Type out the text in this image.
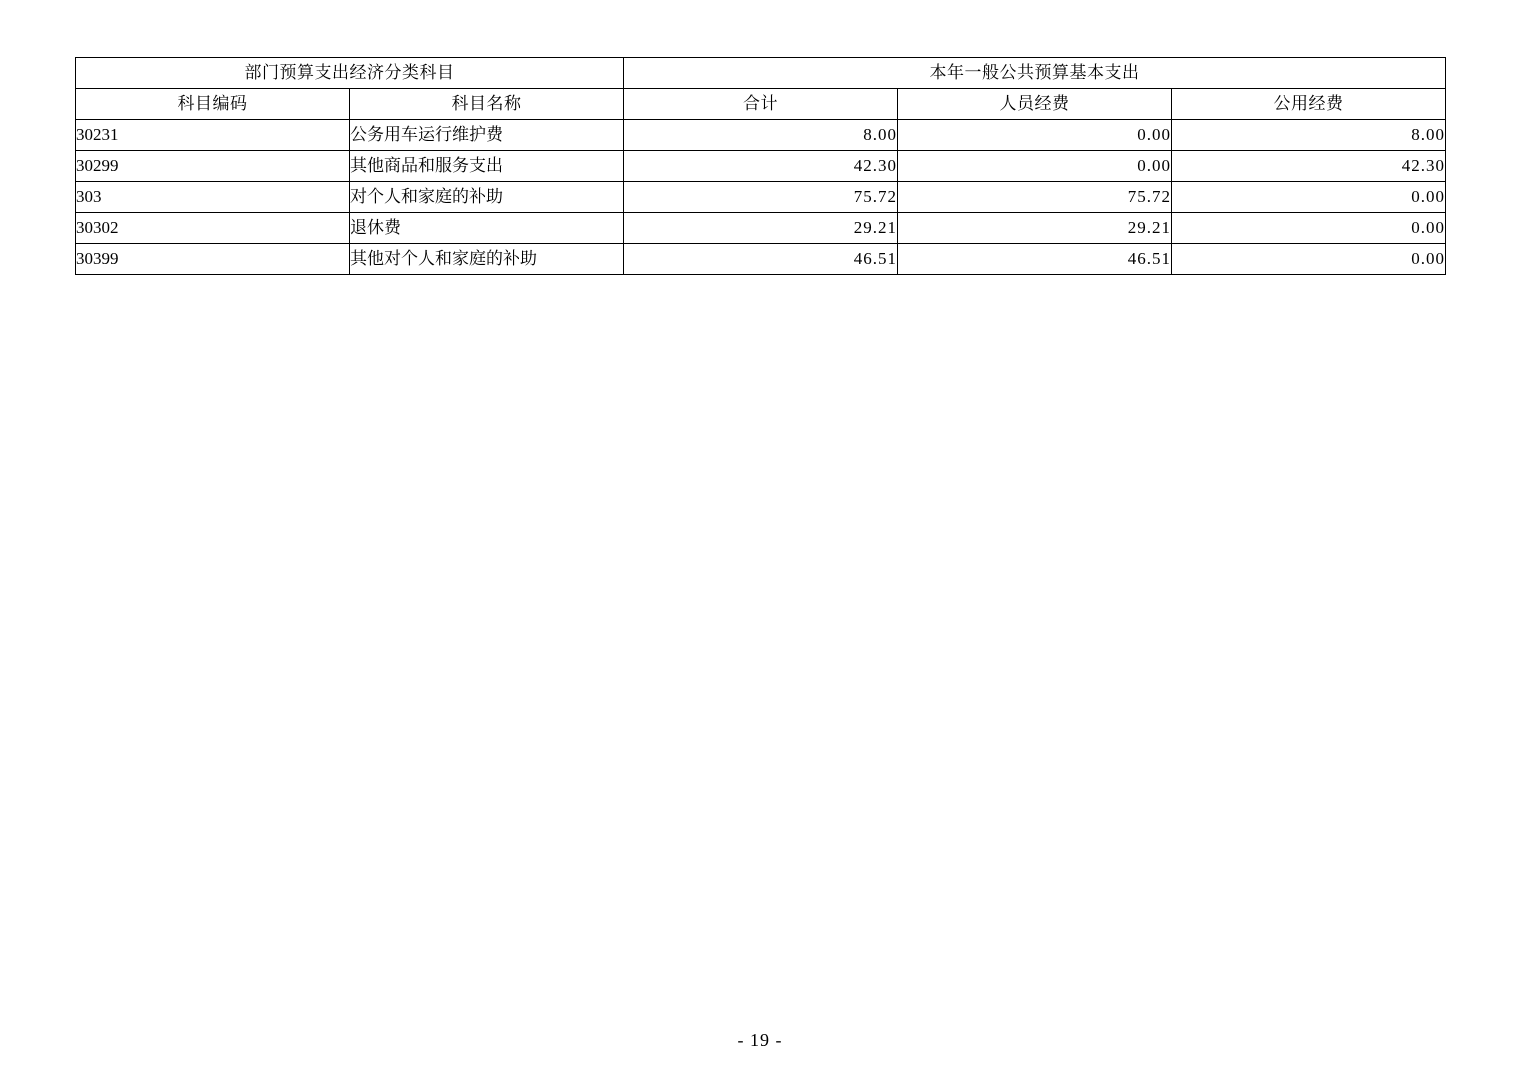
部门预算支出经济分类科目		本年一般公共预算基本支出		
科目编码	科目名称	合计	人员经费	公用经费
30231	公务用车运行维护费	8.00	0.00	8.00
30299	其他商品和服务支出	42.30	0.00	42.30
303	对个人和家庭的补助	75.72	75.72	0.00
30302	退休费	29.21	29.21	0.00
30399	其他对个人和家庭的补助	46.51	46.51	0.00
- 19 -
